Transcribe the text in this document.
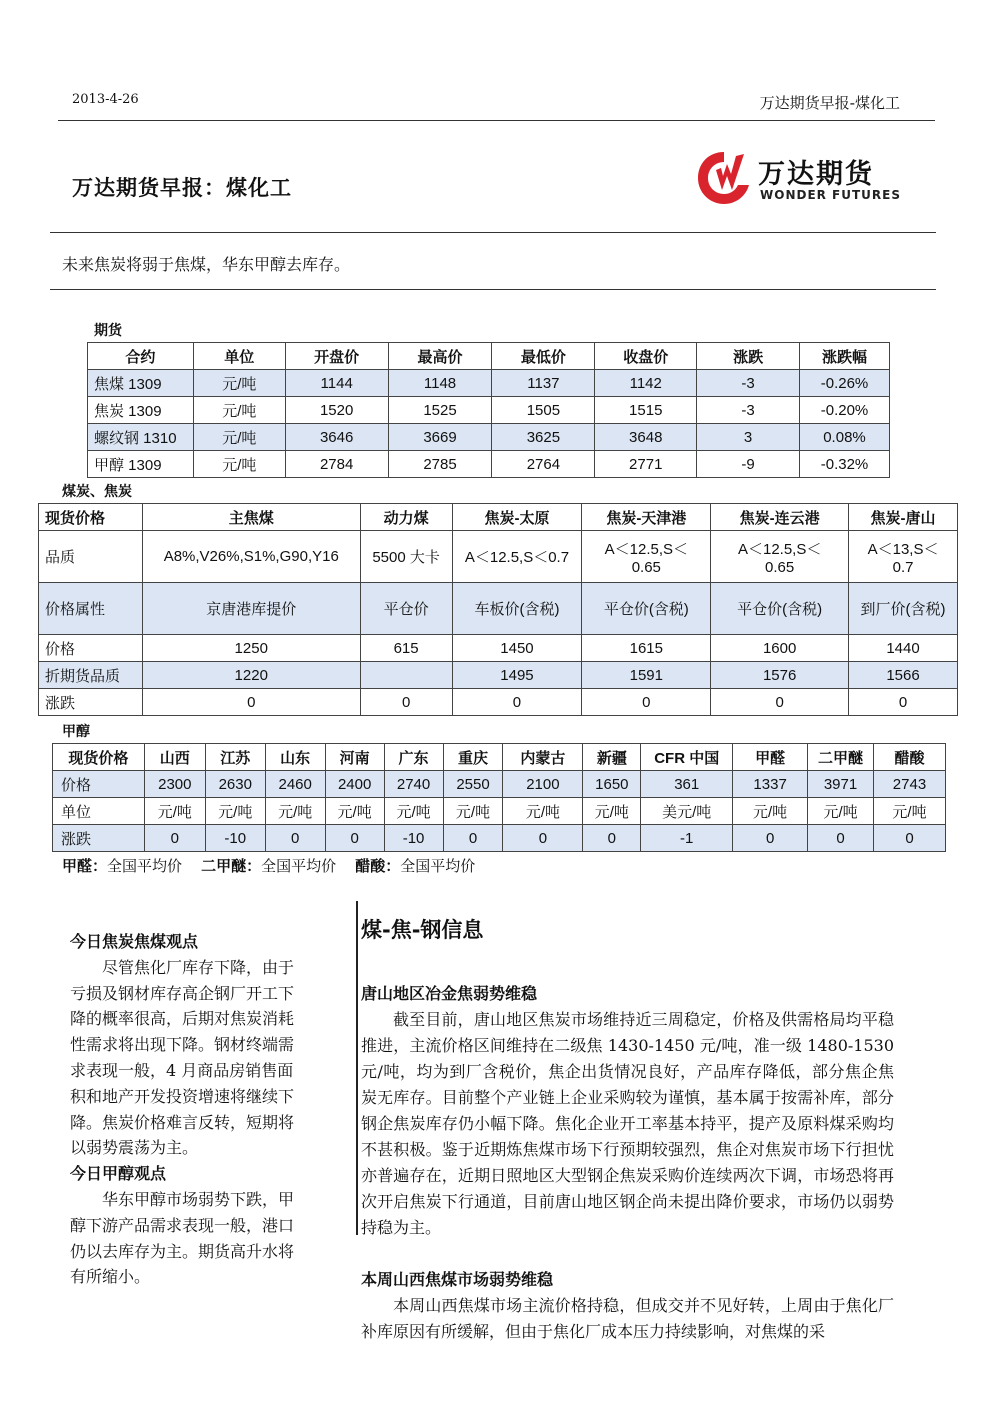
2013-4-26	万达期货早报-煤化工
万达期货早报：煤化工	万达期货
WONDER FUTURES
未来焦炭将弱于焦煤，华东甲醇去库存。
期货
合约	单位	开盘价	最高价	最低价	收盘价	涨跌	涨跌幅
焦煤 1309	元/吨	1144	1148	1137	1142	-3	-0.26%
焦炭 1309	元/吨	1520	1525	1505	1515	-3	-0.20%
螺纹钢 1310	元/吨	3646	3669	3625	3648	3	0.08%
甲醇 1309	元/吨	2784	2785	2764	2771	-9	-0.32%
煤炭、焦炭
现货价格	主焦煤	动力煤	焦炭-太原	焦炭-天津港	焦炭-连云港	焦炭-唐山
品质	A8%,V26%,S1%,G90,Y16	5500 大卡	A＜12.5,S＜0.7	A＜12.5,S＜0.65	A＜12.5,S＜0.65	A＜13,S＜0.7
价格属性	京唐港库提价	平仓价	车板价(含税)	平仓价(含税)	平仓价(含税)	到厂价(含税)
价格	1250	615	1450	1615	1600	1440
折期货品质	1220		1495	1591	1576	1566
涨跌	0	0	0	0	0	0
甲醇
现货价格	山西	江苏	山东	河南	广东	重庆	内蒙古	新疆	CFR 中国	甲醛	二甲醚	醋酸
价格	2300	2630	2460	2400	2740	2550	2100	1650	361	1337	3971	2743
单位	元/吨	元/吨	元/吨	元/吨	元/吨	元/吨	元/吨	元/吨	美元/吨	元/吨	元/吨	元/吨
涨跌	0	-10	0	0	-10	0	0	0	-1	0	0	0
甲醛：全国平均价 二甲醚：全国平均价 醋酸：全国平均价
今日焦炭焦煤观点

尽管焦化厂库存下降，由于亏损及钢材库存高企钢厂开工下降的概率很高，后期对焦炭消耗性需求将出现下降。钢材终端需求表现一般，4 月商品房销售面积和地产开发投资增速将继续下降。焦炭价格难言反转，短期将以弱势震荡为主。

今日甲醇观点

华东甲醇市场弱势下跌，甲醇下游产品需求表现一般，港口仍以去库存为主。期货高升水将有所缩小。

煤-焦-钢信息
唐山地区冶金焦弱势维稳

截至目前，唐山地区焦炭市场维持近三周稳定，价格及供需格局均平稳推进，主流价格区间维持在二级焦 1430-1450 元/吨，准一级 1480-1530 元/吨，均为到厂含税价，焦企出货情况良好，产品库存降低，部分焦企焦炭无库存。目前整个产业链上企业采购较为谨慎，基本属于按需补库，部分钢企焦炭库存仍小幅下降。焦化企业开工率基本持平，提产及原料煤采购均不甚积极。鉴于近期炼焦煤市场下行预期较强烈，焦企对焦炭市场下行担忧亦普遍存在，近期日照地区大型钢企焦炭采购价连续两次下调，市场恐将再次开启焦炭下行通道，目前唐山地区钢企尚未提出降价要求，市场仍以弱势持稳为主。

本周山西焦煤市场弱势维稳

本周山西焦煤市场主流价格持稳，但成交并不见好转，上周由于焦化厂补库原因有所缓解，但由于焦化厂成本压力持续影响，对焦煤的采
